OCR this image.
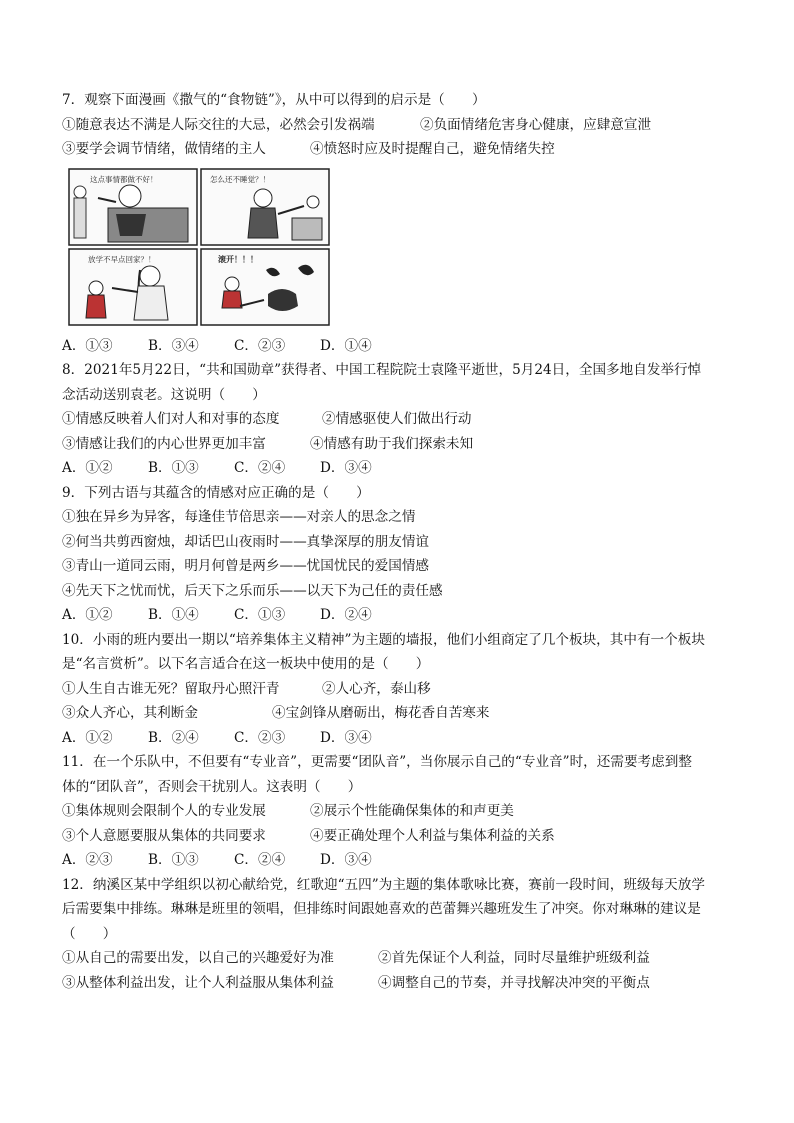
7．观察下面漫画《撒气的“食物链”》，从中可以得到的启示是（　　）
①随意表达不满是人际交往的大忌，必然会引发祸端	②负面情绪危害身心健康，应肆意宣泄
③要学会调节情绪，做情绪的主人	④愤怒时应及时提醒自己，避免情绪失控
这点事情都做不好！	怎么还不睡觉？！
放学不早点回家？！	滚开！！！
A．①③	B．③④	C．②③	D．①④
8．2021年5月22日，“共和国勋章”获得者、中国工程院院士袁隆平逝世，5月24日，全国多地自发举行悼
念活动送别袁老。这说明（　　）
①情感反映着人们对人和对事的态度	②情感驱使人们做出行动
③情感让我们的内心世界更加丰富	④情感有助于我们探索未知
A．①②	B．①③	C．②④	D．③④
9．下列古语与其蕴含的情感对应正确的是（　　）
①独在异乡为异客，每逢佳节倍思亲——对亲人的思念之情
②何当共剪西窗烛，却话巴山夜雨时——真挚深厚的朋友情谊
③青山一道同云雨，明月何曾是两乡——忧国忧民的爱国情感
④先天下之忧而忧，后天下之乐而乐——以天下为己任的责任感
A．①②	B．①④	C．①③	D．②④
10．小雨的班内要出一期以“培养集体主义精神”为主题的墙报，他们小组商定了几个板块，其中有一个板块
是“名言赏析”。以下名言适合在这一板块中使用的是（　　）
①人生自古谁无死？留取丹心照汗青	②人心齐，泰山移
③众人齐心，其利断金	④宝剑锋从磨砺出，梅花香自苦寒来
A．①②	B．②④	C．②③	D．③④
11．在一个乐队中，不但要有“专业音”，更需要“团队音”，当你展示自己的“专业音”时，还需要考虑到整
体的“团队音”，否则会干扰别人。这表明（　　）
①集体规则会限制个人的专业发展	②展示个性能确保集体的和声更美
③个人意愿要服从集体的共同要求	④要正确处理个人利益与集体利益的关系
A．②③	B．①③	C．②④	D．③④
12．纳溪区某中学组织以初心献给党，红歌迎“五四”为主题的集体歌咏比赛，赛前一段时间，班级每天放学
后需要集中排练。琳琳是班里的领唱，但排练时间跟她喜欢的芭蕾舞兴趣班发生了冲突。你对琳琳的建议是
（　　）
①从自己的需要出发，以自己的兴趣爱好为准	②首先保证个人利益，同时尽量维护班级利益
③从整体利益出发，让个人利益服从集体利益	④调整自己的节奏，并寻找解决冲突的平衡点
